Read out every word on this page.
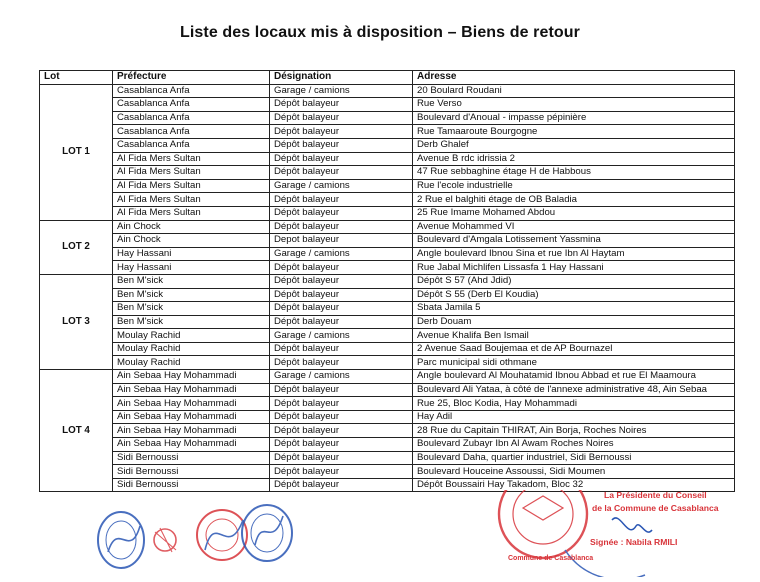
Liste des locaux mis à disposition – Biens de retour
Lot	Préfecture	Désignation	Adresse
LOT 1	Casablanca Anfa	Garage / camions	20 Boulard Roudani
	Casablanca Anfa	Dépôt balayeur	Rue Verso
	Casablanca Anfa	Dépôt balayeur	Boulevard d'Anoual - impasse pépinière
	Casablanca Anfa	Dépôt balayeur	Rue Tamaaroute Bourgogne
	Casablanca Anfa	Dépôt balayeur	Derb Ghalef
	Al Fida Mers Sultan	Dépôt balayeur	Avenue B rdc idrissia 2
	Al Fida Mers Sultan	Dépôt balayeur	47 Rue sebbaghine étage H de Habbous
	Al Fida Mers Sultan	Garage / camions	Rue l'ecole industrielle
	Al Fida Mers Sultan	Dépôt balayeur	2 Rue el balghiti étage de OB Baladia
	Al Fida Mers Sultan	Dépôt balayeur	25 Rue Imame Mohamed Abdou
LOT 2	Ain Chock	Dépôt balayeur	Avenue Mohammed VI
	Ain Chock	Depot balayeur	Boulevard d'Amgala Lotissement Yassmina
	Hay Hassani	Garage / camions	Angle boulevard Ibnou Sina et rue Ibn Al Haytam
	Hay Hassani	Dépôt balayeur	Rue Jabal Michlifen Lissasfa 1 Hay Hassani
LOT 3	Ben M'sick	Dépôt balayeur	Dépôt S 57 (Ahd Jdid)
	Ben M'sick	Dépôt balayeur	Dépôt S 55 (Derb El Koudia)
	Ben M'sick	Dépôt balayeur	Sbata Jamila 5
	Ben M'sick	Dépôt balayeur	Derb Douam
	Moulay Rachid	Garage / camions	Avenue Khalifa Ben Ismail
	Moulay Rachid	Dépôt balayeur	2 Avenue Saad Boujemaa et de AP Bournazel
	Moulay Rachid	Dépôt balayeur	Parc municipal sidi othmane
LOT 4	Ain Sebaa Hay Mohammadi	Garage / camions	Angle boulevard Al Mouhatamid Ibnou Abbad et rue El Maamoura
	Ain Sebaa Hay Mohammadi	Dépôt balayeur	Boulevard Ali Yataa, à côté de l'annexe administrative 48, Ain Sebaa
	Ain Sebaa Hay Mohammadi	Dépôt balayeur	Rue 25, Bloc Kodia, Hay Mohammadi
	Ain Sebaa Hay Mohammadi	Dépôt balayeur	Hay Adil
	Ain Sebaa Hay Mohammadi	Dépôt balayeur	28 Rue du Capitain THIRAT, Ain Borja, Roches Noires
	Ain Sebaa Hay Mohammadi	Dépôt balayeur	Boulevard Zubayr Ibn Al Awam Roches Noires
	Sidi Bernoussi	Dépôt balayeur	Boulevard Daha, quartier industriel, Sidi Bernoussi
	Sidi Bernoussi	Dépôt balayeur	Boulevard Houceine Assoussi, Sidi Moumen
	Sidi Bernoussi	Dépôt balayeur	Dépôt Boussairi Hay Takadom, Bloc 32
Commune de Casablanca
La Présidente du Conseil
de la Commune de Casablanca
Signée : Nabila RMILI
